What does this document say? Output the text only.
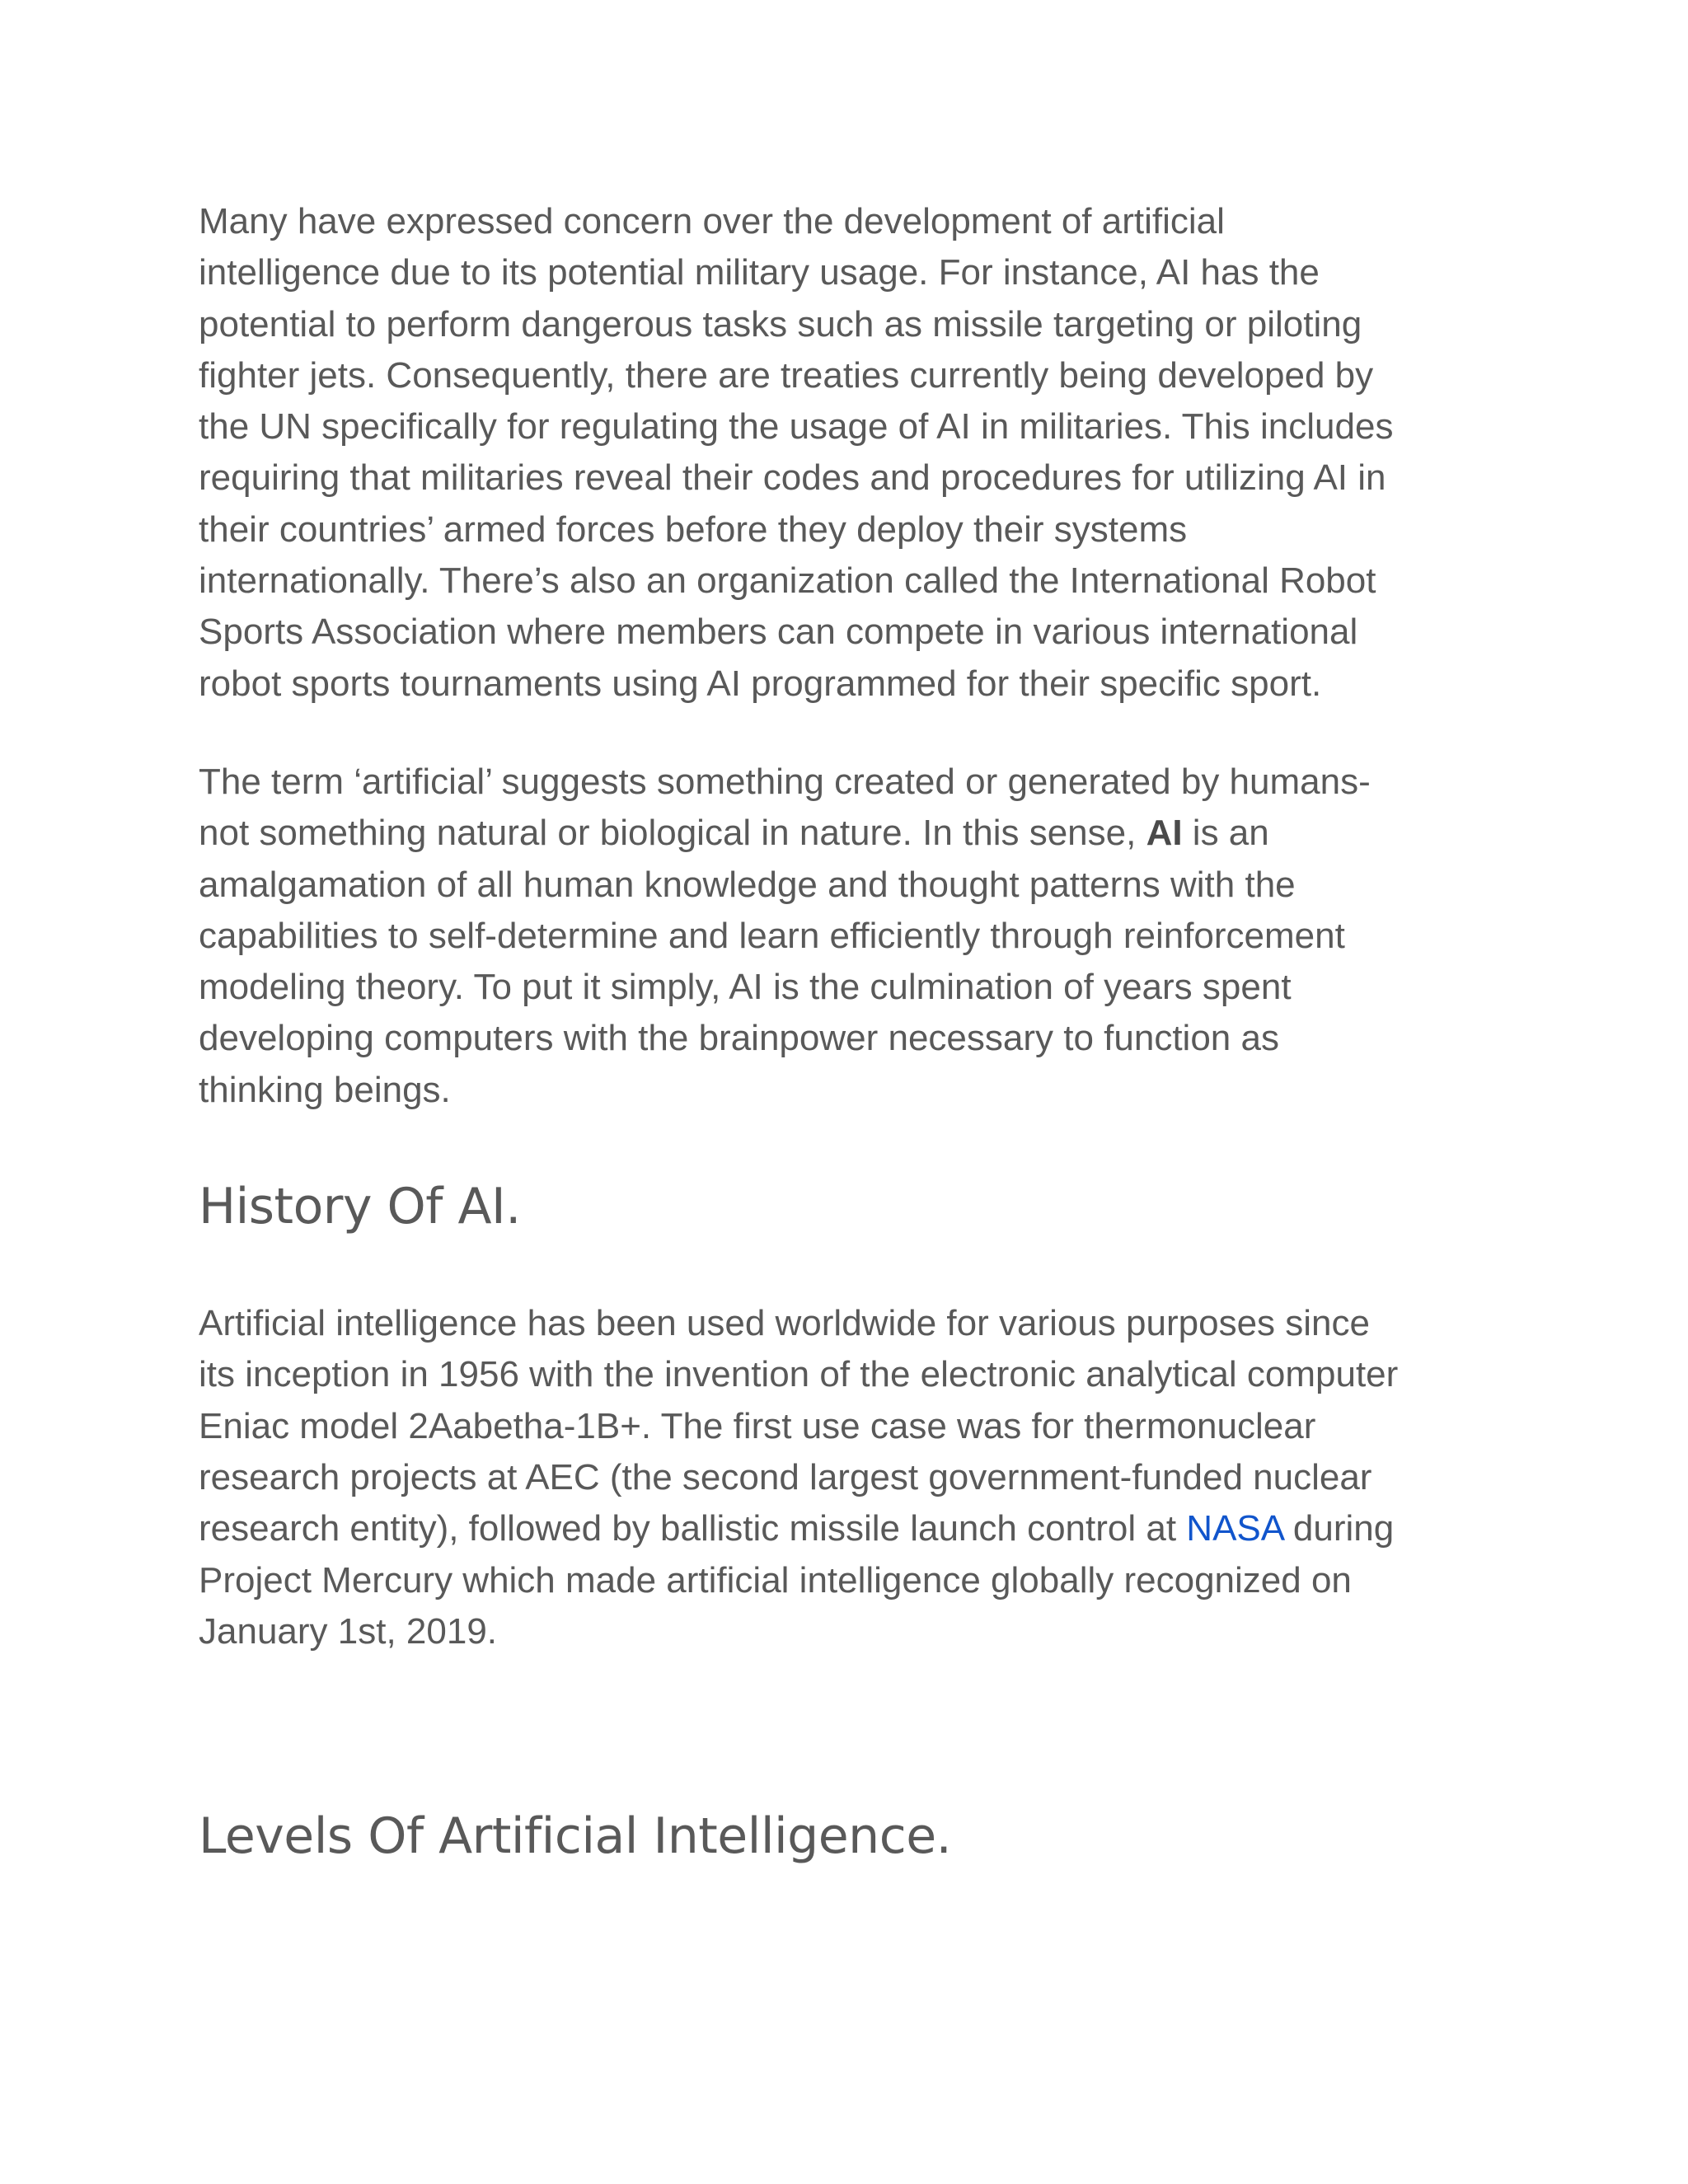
Many have expressed concern over the development of artificial
intelligence due to its potential military usage. For instance, AI has the
potential to perform dangerous tasks such as missile targeting or piloting
fighter jets. Consequently, there are treaties currently being developed by
the UN specifically for regulating the usage of AI in militaries. This includes
requiring that militaries reveal their codes and procedures for utilizing AI in
their countries’ armed forces before they deploy their systems
internationally. There’s also an organization called the International Robot
Sports Association where members can compete in various international
robot sports tournaments using AI programmed for their specific sport.

The term ‘artificial’ suggests something created or generated by humans-
not something natural or biological in nature. In this sense, AI is an
amalgamation of all human knowledge and thought patterns with the
capabilities to self-determine and learn efficiently through reinforcement
modeling theory. To put it simply, AI is the culmination of years spent
developing computers with the brainpower necessary to function as
thinking beings.

History Of AI.

Artificial intelligence has been used worldwide for various purposes since
its inception in 1956 with the invention of the electronic analytical computer
Eniac model 2Aabetha-1B+. The first use case was for thermonuclear
research projects at AEC (the second largest government-funded nuclear
research entity), followed by ballistic missile launch control at NASA during
Project Mercury which made artificial intelligence globally recognized on
January 1st, 2019.

Levels Of Artificial Intelligence.
